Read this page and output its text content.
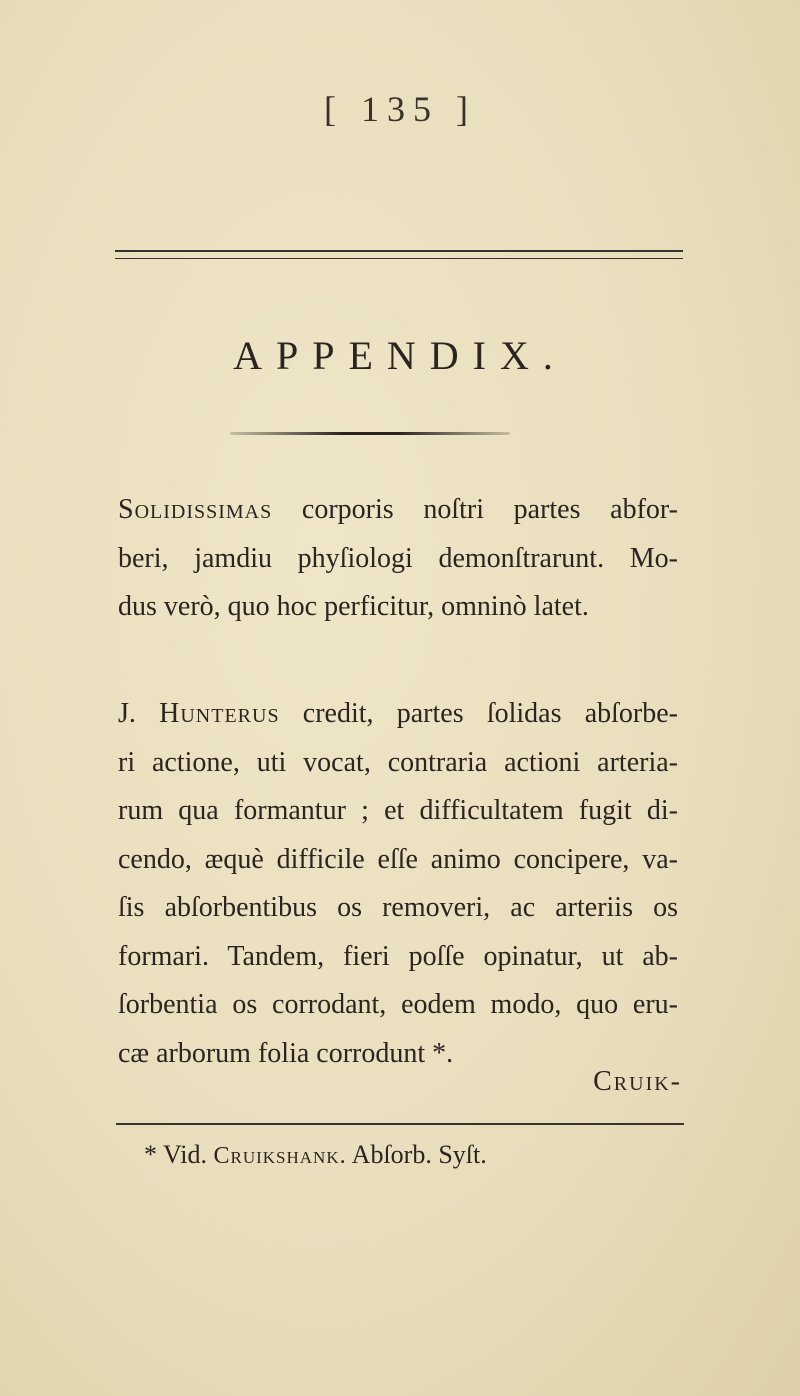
[ 135 ]
APPENDIX.
Solidissimas corporis noſtri partes abfor-
beri, jamdiu phyſiologi demonſtrarunt. Mo-
dus verò, quo hoc perficitur, omninò latet.
J. Hunterus credit, partes ſolidas abſorbe-
ri actione, uti vocat, contraria actioni arteria-
rum qua formantur ; et difficultatem fugit di-
cendo, æquè difficile eſſe animo concipere, va-
ſis abſorbentibus os removeri, ac arteriis os
formari. Tandem, fieri poſſe opinatur, ut ab-
ſorbentia os corrodant, eodem modo, quo eru-
cæ arborum folia corrodunt *.
Cruik-
* Vid. Cruikshank. Abſorb. Syſt.
